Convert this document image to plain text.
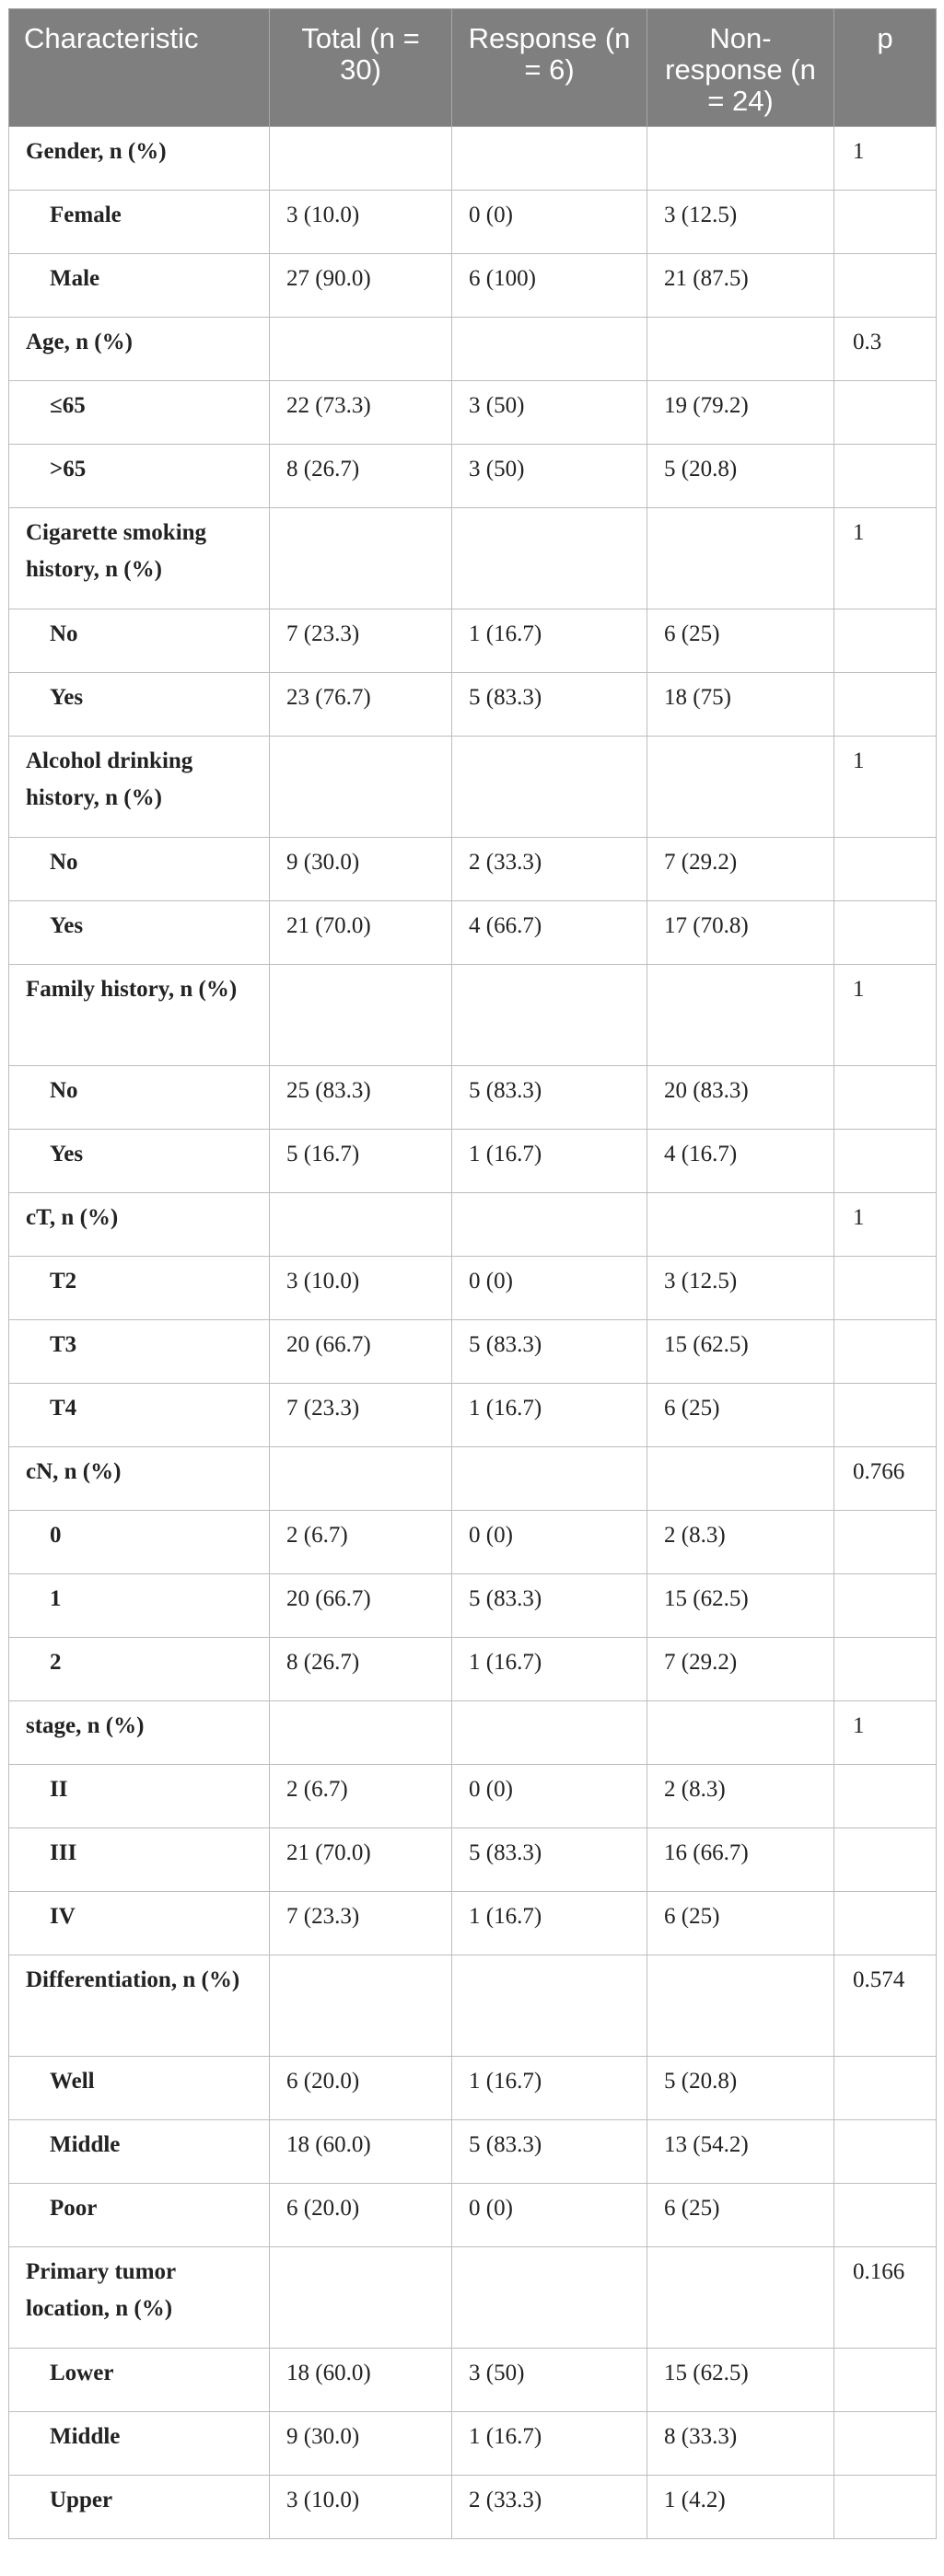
Characteristic	Total (n = 30)	Response (n = 6)	Non-response (n = 24)	p
Gender, n (%)				1
Female	3 (10.0)	0 (0)	3 (12.5)	
Male	27 (90.0)	6 (100)	21 (87.5)	
Age, n (%)				0.3
≤65	22 (73.3)	3 (50)	19 (79.2)	
>65	8 (26.7)	3 (50)	5 (20.8)	
Cigarette smoking history, n (%)				1
No	7 (23.3)	1 (16.7)	6 (25)	
Yes	23 (76.7)	5 (83.3)	18 (75)	
Alcohol drinking history, n (%)				1
No	9 (30.0)	2 (33.3)	7 (29.2)	
Yes	21 (70.0)	4 (66.7)	17 (70.8)	
Family history, n (%)				1
No	25 (83.3)	5 (83.3)	20 (83.3)	
Yes	5 (16.7)	1 (16.7)	4 (16.7)	
cT, n (%)				1
T2	3 (10.0)	0 (0)	3 (12.5)	
T3	20 (66.7)	5 (83.3)	15 (62.5)	
T4	7 (23.3)	1 (16.7)	6 (25)	
cN, n (%)				0.766
0	2 (6.7)	0 (0)	2 (8.3)	
1	20 (66.7)	5 (83.3)	15 (62.5)	
2	8 (26.7)	1 (16.7)	7 (29.2)	
stage, n (%)				1
II	2 (6.7)	0 (0)	2 (8.3)	
III	21 (70.0)	5 (83.3)	16 (66.7)	
IV	7 (23.3)	1 (16.7)	6 (25)	
Differentiation, n (%)				0.574
Well	6 (20.0)	1 (16.7)	5 (20.8)	
Middle	18 (60.0)	5 (83.3)	13 (54.2)	
Poor	6 (20.0)	0 (0)	6 (25)	
Primary tumor location, n (%)				0.166
Lower	18 (60.0)	3 (50)	15 (62.5)	
Middle	9 (30.0)	1 (16.7)	8 (33.3)	
Upper	3 (10.0)	2 (33.3)	1 (4.2)	
